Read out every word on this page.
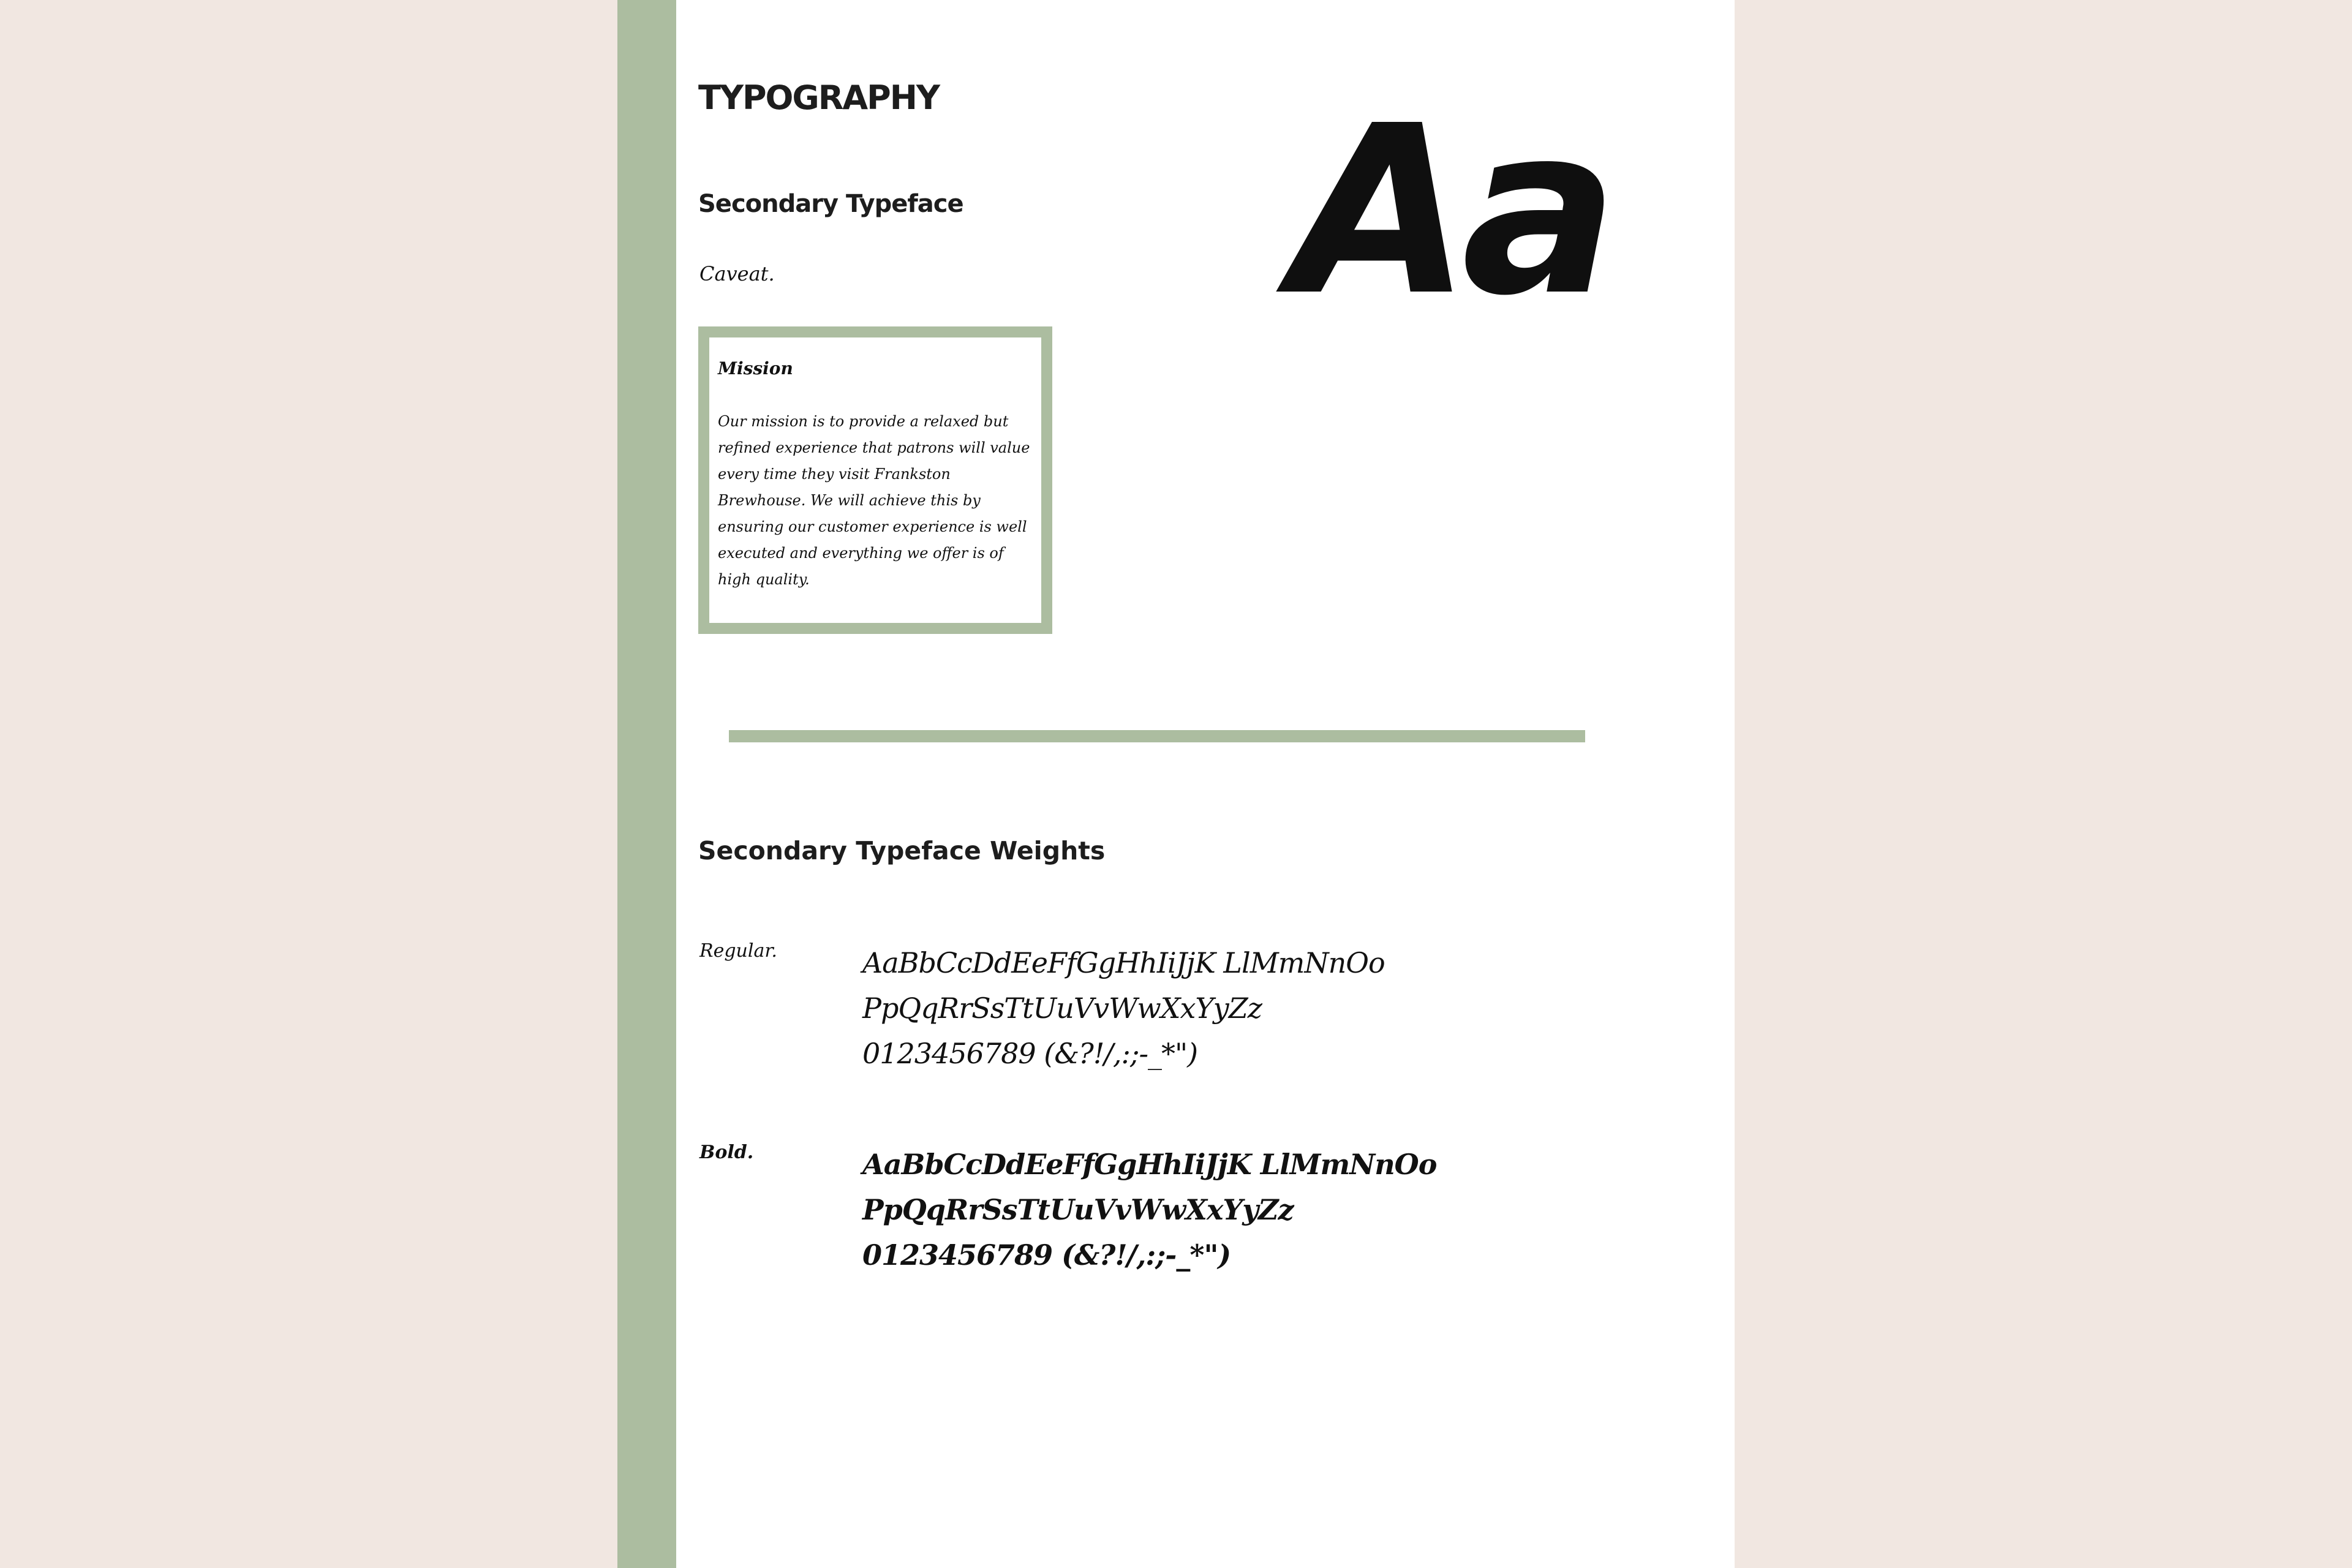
TYPOGRAPHY
Secondary Typeface
Caveat.
Mission
Our mission is to provide a relaxed but refined experience that patrons will value every time they visit Frankston Brewhouse. We will achieve this by ensuring our customer experience is well executed and everything we offer is of high quality.
Aa
Secondary Typeface Weights
Regular.	AaBbCcDdEeFfGgHhIiJjK LlMmNnOo
PpQqRrSsTtUuVvWwXxYyZz
0123456789 (&?!/,:;-_*")
Bold.	AaBbCcDdEeFfGgHhIiJjK LlMmNnOo
PpQqRrSsTtUuVvWwXxYyZz
0123456789 (&?!/,:;-_*")
